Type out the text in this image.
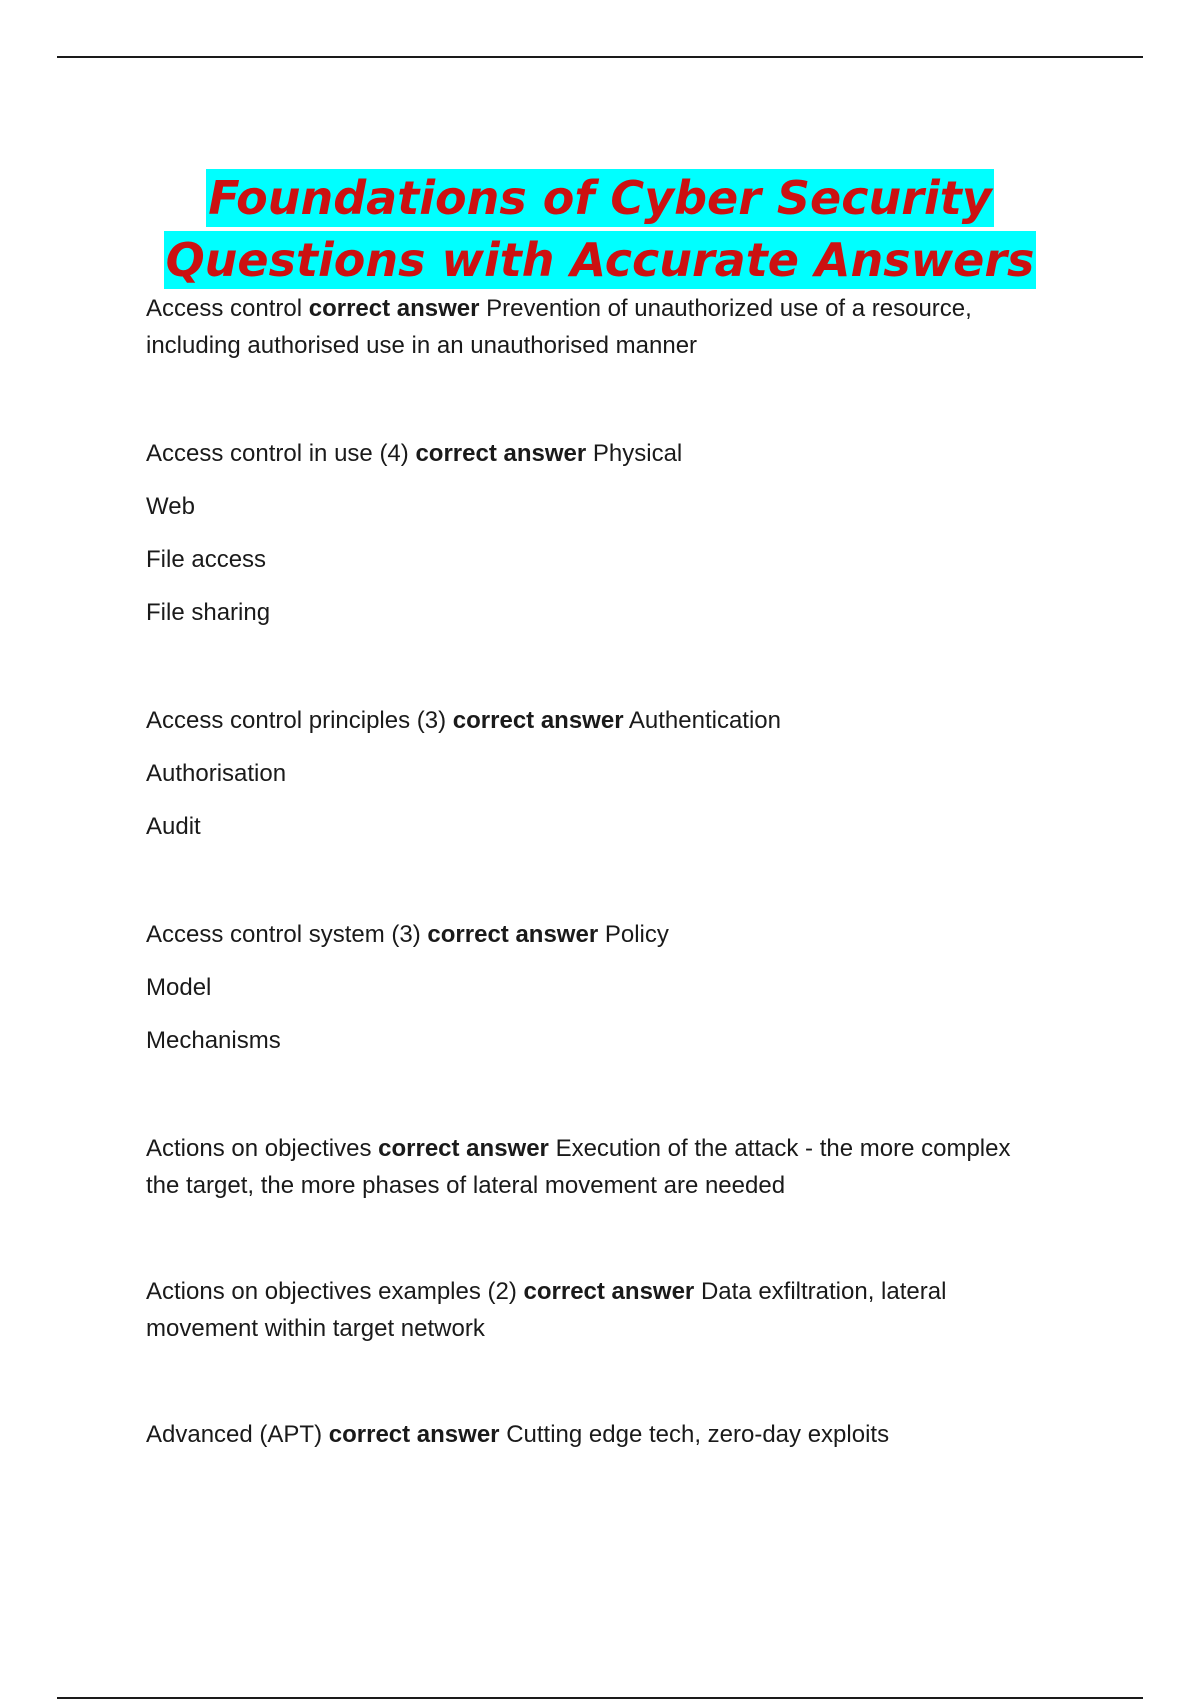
Foundations of Cyber Security
Questions with Accurate Answers

Access control correct answer Prevention of unauthorized use of a resource,
including authorised use in an unauthorised manner

Access control in use (4) correct answer Physical
Web
File access
File sharing

Access control principles (3) correct answer Authentication
Authorisation
Audit

Access control system (3) correct answer Policy
Model
Mechanisms

Actions on objectives correct answer Execution of the attack - the more complex
the target, the more phases of lateral movement are needed

Actions on objectives examples (2) correct answer Data exfiltration, lateral
movement within target network

Advanced (APT) correct answer Cutting edge tech, zero-day exploits
